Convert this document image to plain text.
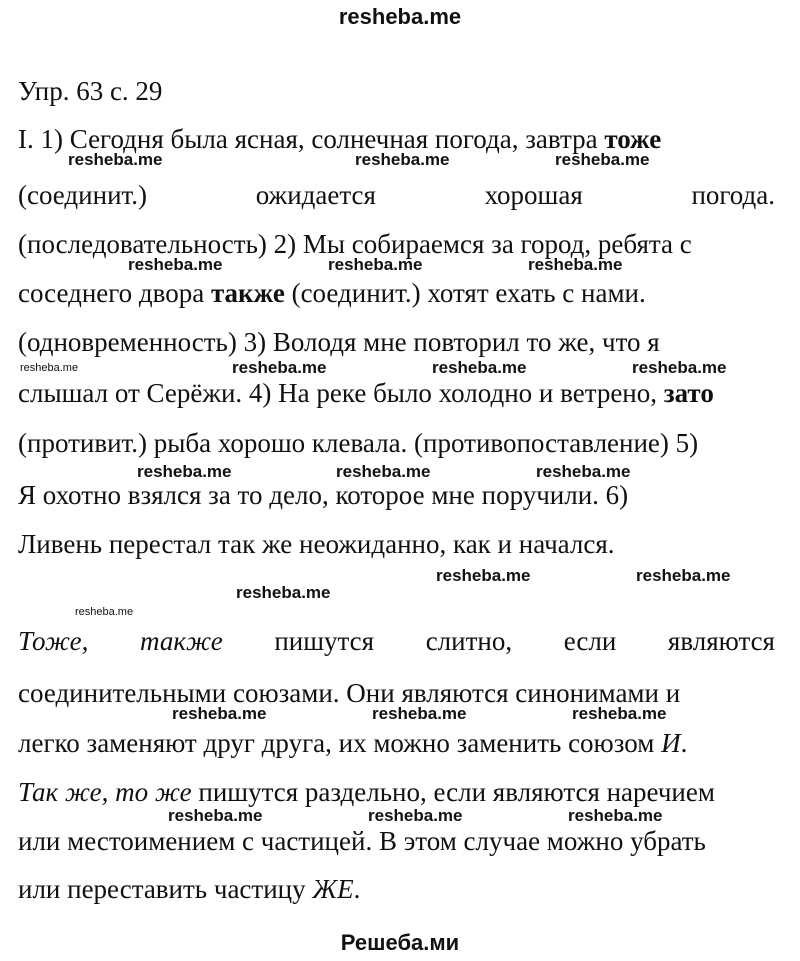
resheba.me
Упр. 63 с. 29
I. 1) Сегодня была ясная, солнечная погода, завтра тоже
(соединит.)	ожидается	хорошая	погода.
(последовательность) 2) Мы собираемся за город, ребята с
соседнего двора также (соединит.) хотят ехать с нами.
(одновременность) 3) Володя мне повторил то же, что я
слышал от Серёжи. 4) На реке было холодно и ветрено, зато
(противит.) рыба хорошо клевала. (противопоставление) 5)
Я охотно взялся за то дело, которое мне поручили. 6)
Ливень перестал так же неожиданно, как и начался.
Тоже, также пишутся слитно, если являются
соединительными союзами. Они являются синонимами и
легко заменяют друг друга, их можно заменить союзом И.
Так же, то же пишутся раздельно, если являются наречием
или местоимением с частицей. В этом случае можно убрать
или переставить частицу ЖЕ.
resheba.me	resheba.me	resheba.me
resheba.me	resheba.me	resheba.me
resheba.me	resheba.me	resheba.me	resheba.me
resheba.me	resheba.me	resheba.me
resheba.me	resheba.me
resheba.me
resheba.me
resheba.me	resheba.me	resheba.me
resheba.me	resheba.me	resheba.me
Решеба.ми
